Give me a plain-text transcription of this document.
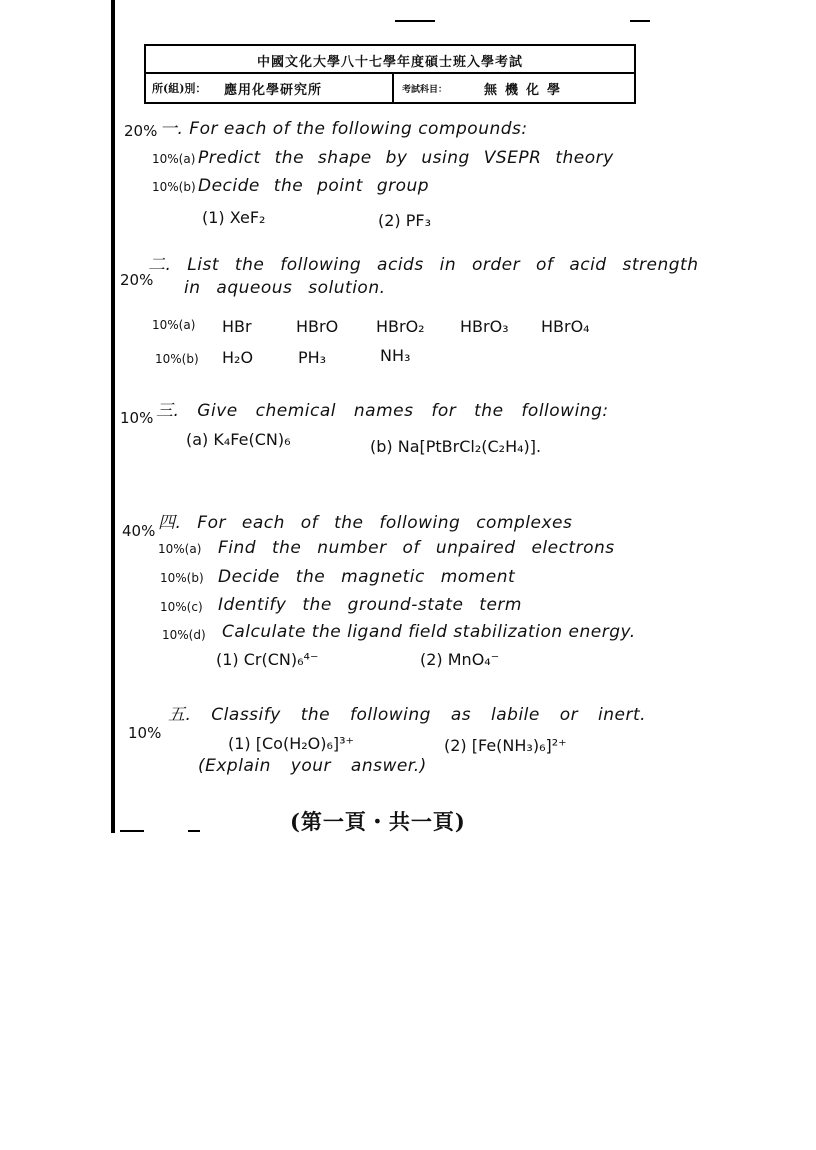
中國文化大學八十七學年度碩士班入學考試
所(組)別： 應用化學研究所	考試科目：	無機化學
20% 一. For each of the following compounds:
10%(a) Predict the shape by using VSEPR theory
10%(b) Decide the point group
(1) XeF₂	(2) PF₃
20%
二. List the following acids in order of acid strength
in aqueous solution.
10%(a) HBr	HBrO HBrO₂ HBrO₃ HBrO₄
10%(b) H₂O	PH₃	NH₃
10% 三. Give chemical names for the following:
(a) K₄Fe(CN)₆	(b) Na[PtBrCl₂(C₂H₄)].
40% 四. For each of the following complexes
10%(a) Find the number of unpaired electrons
10%(b) Decide the magnetic moment
10%(c) Identify the ground-state term
10%(d) Calculate the ligand field stabilization energy.
(1) Cr(CN)₆⁴⁻	(2) MnO₄⁻
10%
五. Classify the following as labile or inert.
(1) [Co(H₂O)₆]³⁺	(2) [Fe(NH₃)₆]²⁺
(Explain your answer.)
(第一頁・共一頁)
